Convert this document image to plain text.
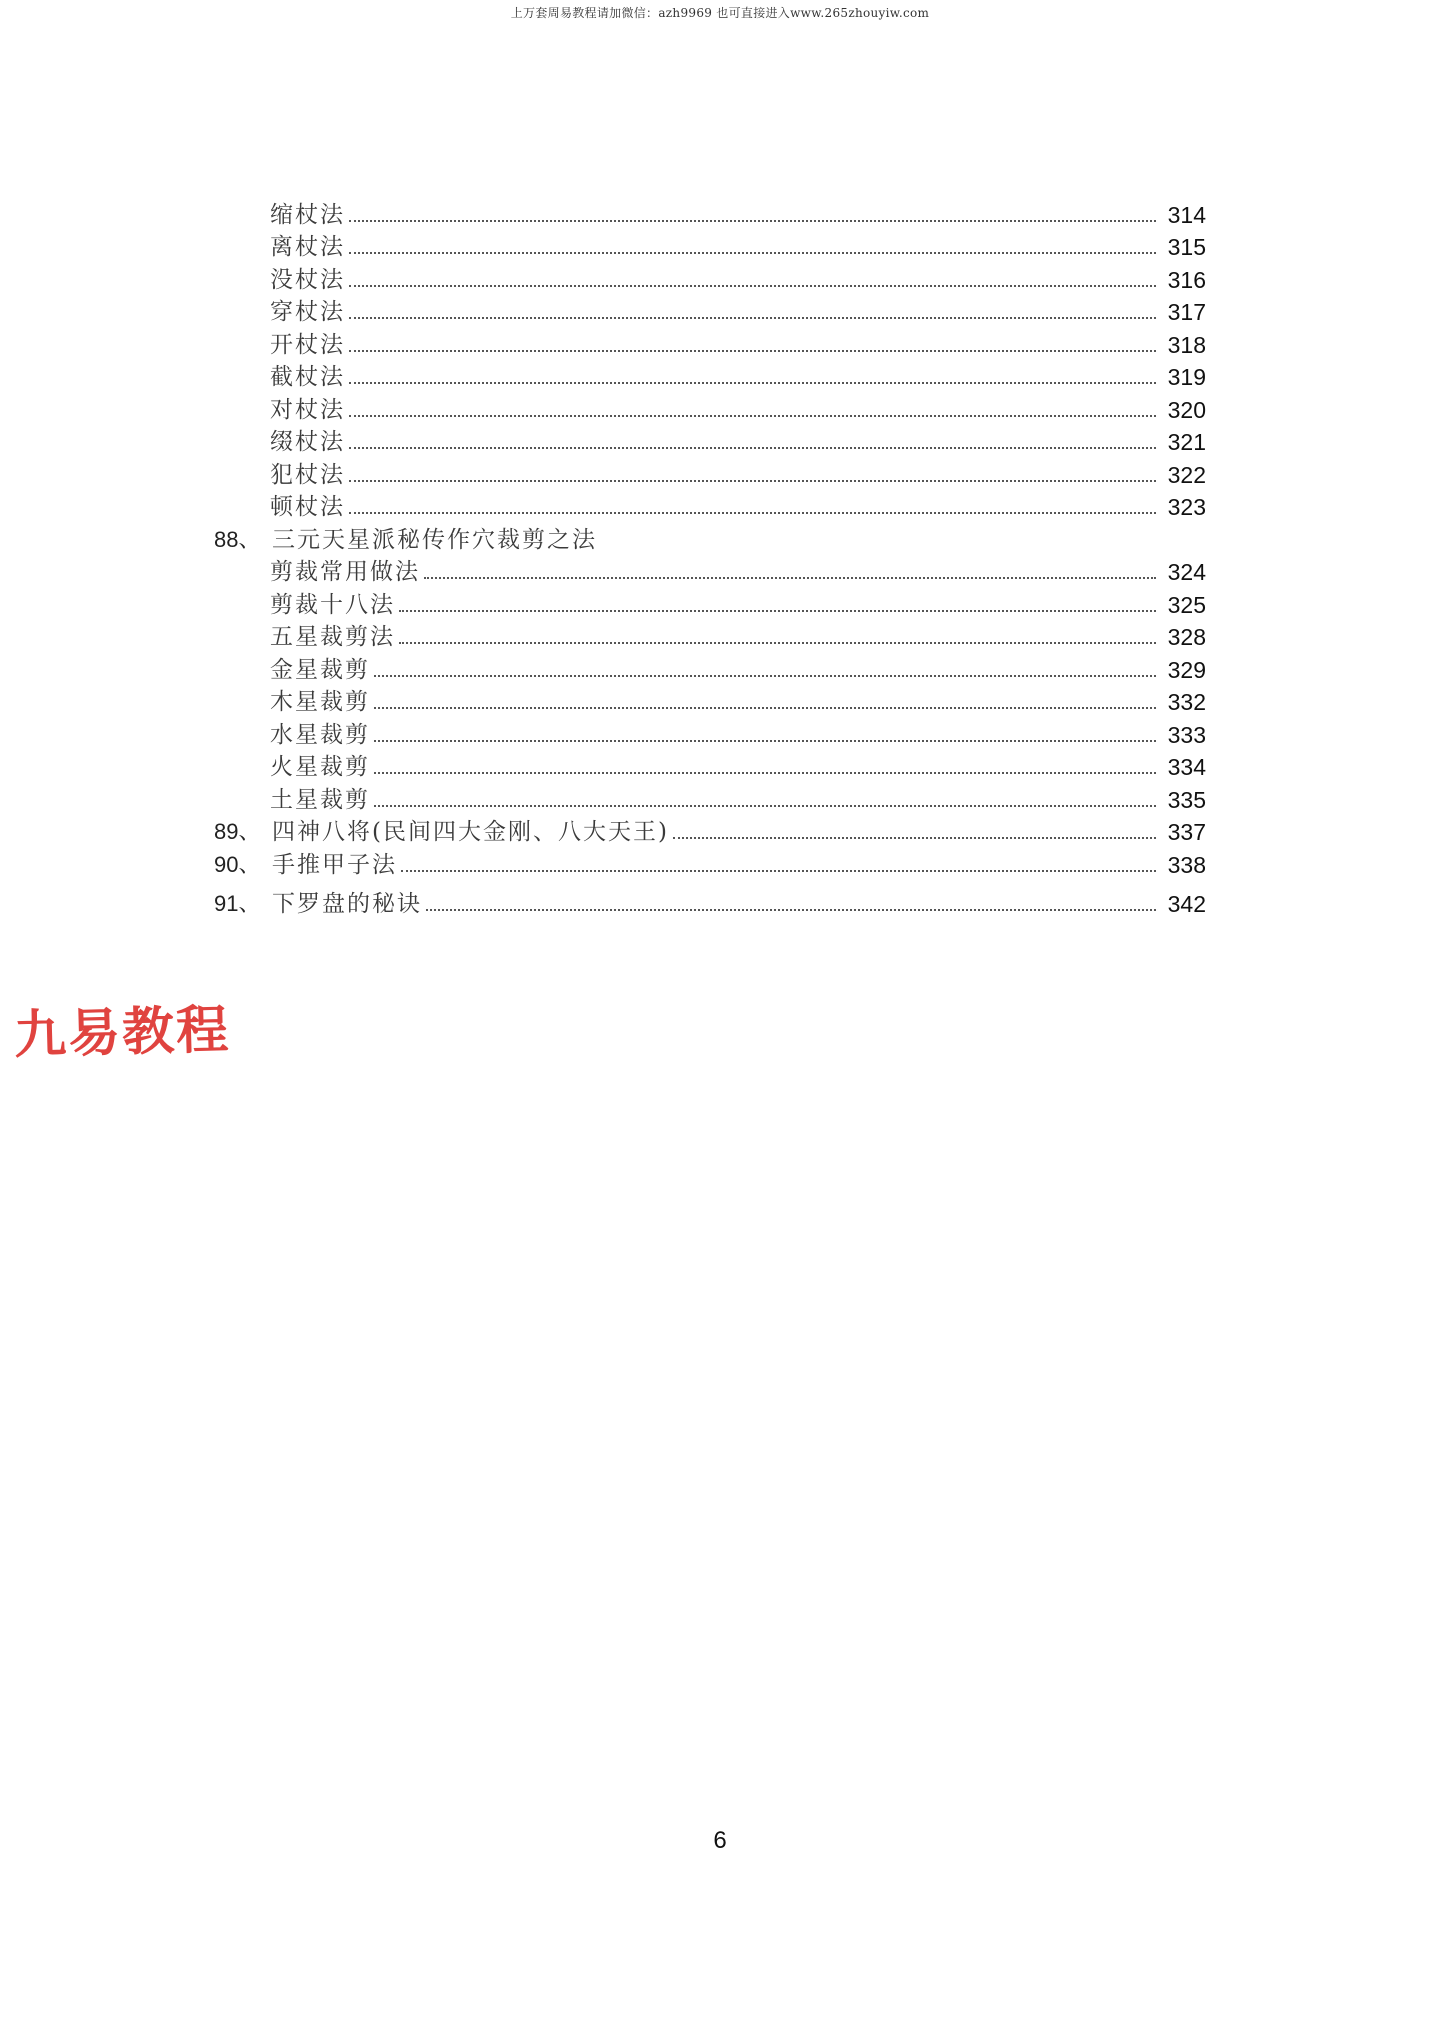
上万套周易教程请加微信：azh9969 也可直接进入www.265zhouyiw.com
缩杖法	314
离杖法	315
没杖法	316
穿杖法	317
开杖法	318
截杖法	319
对杖法	320
缀杖法	321
犯杖法	322
顿杖法	323
88、 三元天星派秘传作穴裁剪之法
剪裁常用做法	324
剪裁十八法	325
五星裁剪法	328
金星裁剪	329
木星裁剪	332
水星裁剪	333
火星裁剪	334
土星裁剪	335
89、 四神八将(民间四大金刚、八大天王)	337
90、 手推甲子法	338
91、 下罗盘的秘诀	342
九易教程
6
